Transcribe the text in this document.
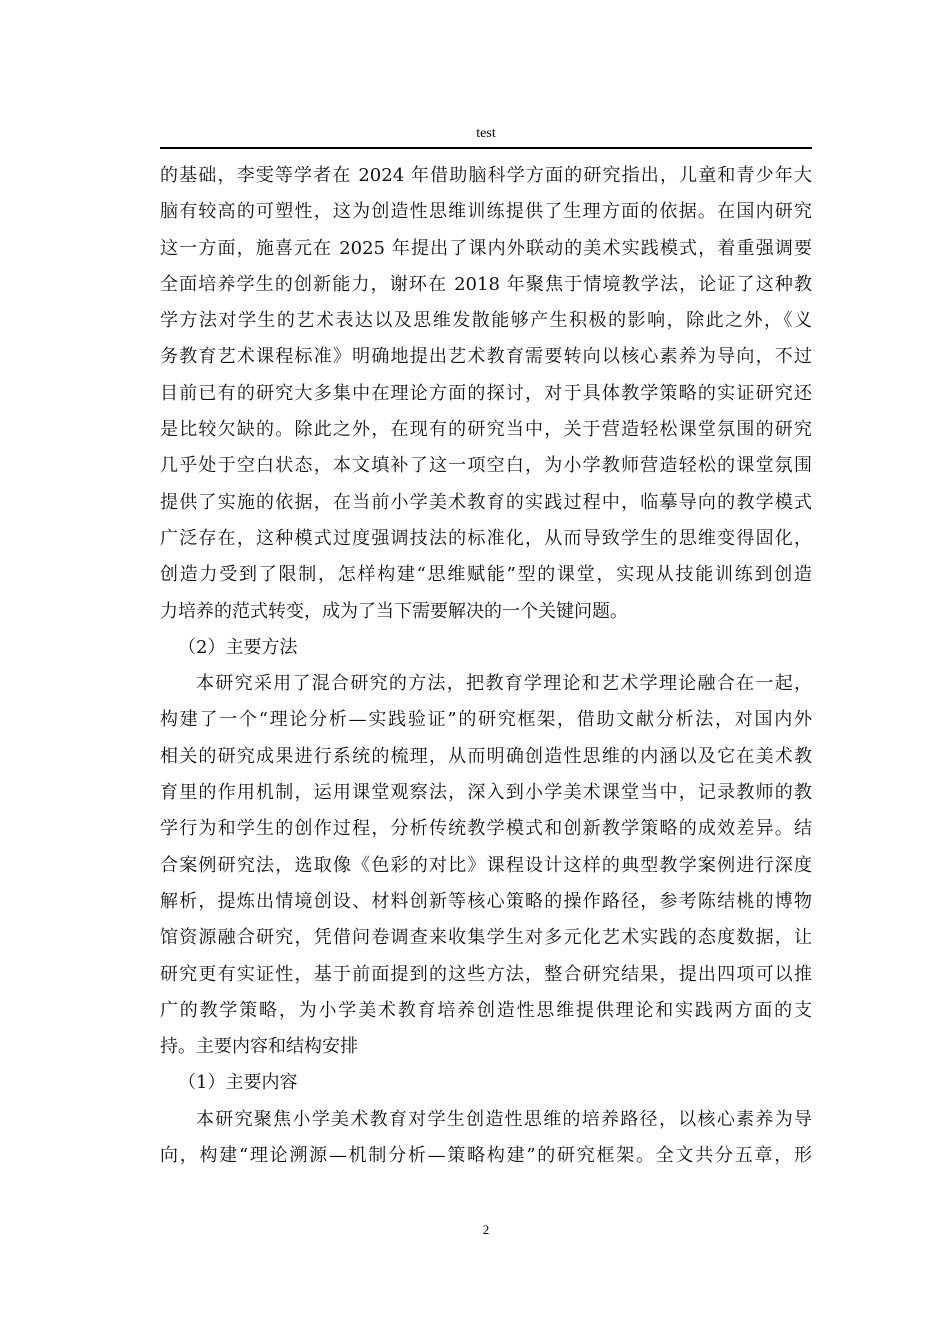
test
的基础，李雯等学者在 2024 年借助脑科学方面的研究指出，儿童和青少年大
脑有较高的可塑性，这为创造性思维训练提供了生理方面的依据。在国内研究
这一方面，施喜元在 2025 年提出了课内外联动的美术实践模式，着重强调要
全面培养学生的创新能力，谢环在 2018 年聚焦于情境教学法，论证了这种教
学方法对学生的艺术表达以及思维发散能够产生积极的影响，除此之外，《义
务教育艺术课程标准》明确地提出艺术教育需要转向以核心素养为导向，不过
目前已有的研究大多集中在理论方面的探讨，对于具体教学策略的实证研究还
是比较欠缺的。除此之外，在现有的研究当中，关于营造轻松课堂氛围的研究
几乎处于空白状态，本文填补了这一项空白，为小学教师营造轻松的课堂氛围
提供了实施的依据，在当前小学美术教育的实践过程中，临摹导向的教学模式
广泛存在，这种模式过度强调技法的标准化，从而导致学生的思维变得固化，
创造力受到了限制，怎样构建“思维赋能”型的课堂，实现从技能训练到创造
力培养的范式转变，成为了当下需要解决的一个关键问题。
（2）主要方法
本研究采用了混合研究的方法，把教育学理论和艺术学理论融合在一起，
构建了一个“理论分析—实践验证”的研究框架，借助文献分析法，对国内外
相关的研究成果进行系统的梳理，从而明确创造性思维的内涵以及它在美术教
育里的作用机制，运用课堂观察法，深入到小学美术课堂当中，记录教师的教
学行为和学生的创作过程，分析传统教学模式和创新教学策略的成效差异。结
合案例研究法，选取像《色彩的对比》课程设计这样的典型教学案例进行深度
解析，提炼出情境创设、材料创新等核心策略的操作路径，参考陈结桃的博物
馆资源融合研究，凭借问卷调查来收集学生对多元化艺术实践的态度数据，让
研究更有实证性，基于前面提到的这些方法，整合研究结果，提出四项可以推
广的教学策略，为小学美术教育培养创造性思维提供理论和实践两方面的支
持。主要内容和结构安排
（1）主要内容
本研究聚焦小学美术教育对学生创造性思维的培养路径，以核心素养为导
向，构建“理论溯源—机制分析—策略构建”的研究框架。全文共分五章，形
2
